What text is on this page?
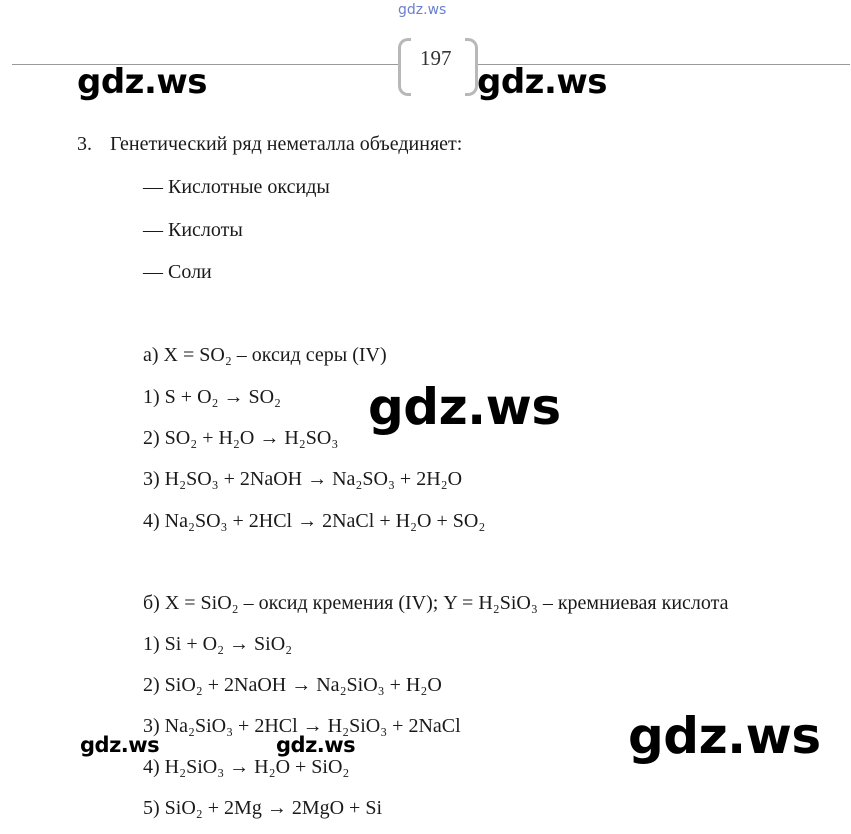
gdz.ws
197
gdz.ws	gdz.ws
3. Генетический ряд неметалла объединяет:
— Кислотные оксиды
— Кислоты
— Соли
а) X = SO₂ – оксид серы (IV)
1) S + O₂ → SO₂
2) SO₂ + H₂O → H₂SO₃
3) H₂SO₃ + 2NaOH → Na₂SO₃ + 2H₂O
4) Na₂SO₃ + 2HCl → 2NaCl + H₂O + SO₂
gdz.ws
б) X = SiO₂ – оксид кремения (IV); Y = H₂SiO₃ – кремниевая кислота
1) Si + O₂ → SiO₂
2) SiO₂ + 2NaOH → Na₂SiO₃ + H₂O
3) Na₂SiO₃ + 2HCl → H₂SiO₃ + 2NaCl
4) H₂SiO₃ → H₂O + SiO₂
5) SiO₂ + 2Mg → 2MgO + Si
gdz.ws	gdz.ws	gdz.ws
